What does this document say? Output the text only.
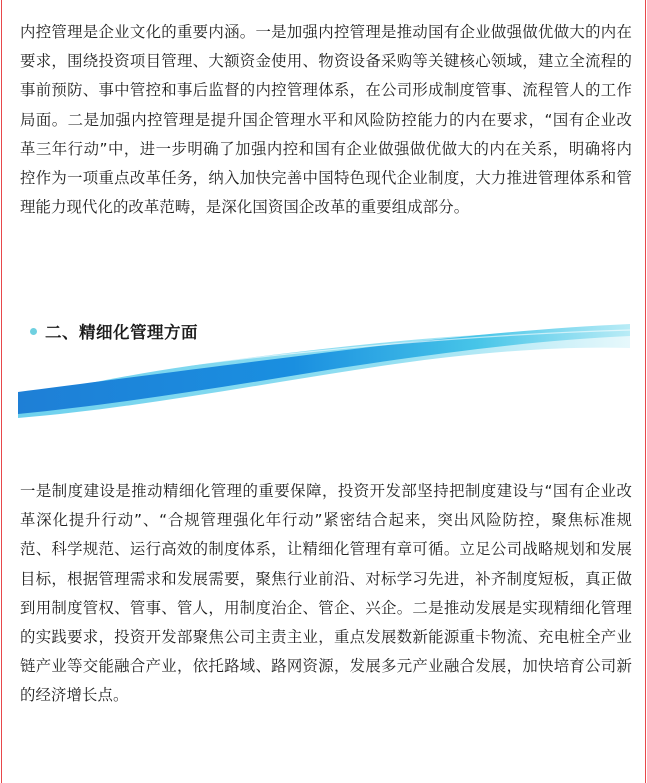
内控管理是企业文化的重要内涵。一是加强内控管理是推动国有企业做强做优做大的内在要求，围绕投资项目管理、大额资金使用、物资设备采购等关键核心领域，建立全流程的事前预防、事中管控和事后监督的内控管理体系，在公司形成制度管事、流程管人的工作局面。二是加强内控管理是提升国企管理水平和风险防控能力的内在要求，“国有企业改革三年行动”中，进一步明确了加强内控和国有企业做强做优做大的内在关系，明确将内控作为一项重点改革任务，纳入加快完善中国特色现代企业制度，大力推进管理体系和管理能力现代化的改革范畴，是深化国资国企改革的重要组成部分。

二、精细化管理方面

一是制度建设是推动精细化管理的重要保障，投资开发部坚持把制度建设与“国有企业改革深化提升行动”、“合规管理强化年行动”紧密结合起来，突出风险防控，聚焦标准规范、科学规范、运行高效的制度体系，让精细化管理有章可循。立足公司战略规划和发展目标，根据管理需求和发展需要，聚焦行业前沿、对标学习先进，补齐制度短板，真正做到用制度管权、管事、管人，用制度治企、管企、兴企。二是推动发展是实现精细化管理的实践要求，投资开发部聚焦公司主责主业，重点发展数新能源重卡物流、充电桩全产业链产业等交能融合产业，依托路域、路网资源，发展多元产业融合发展，加快培育公司新的经济增长点。
